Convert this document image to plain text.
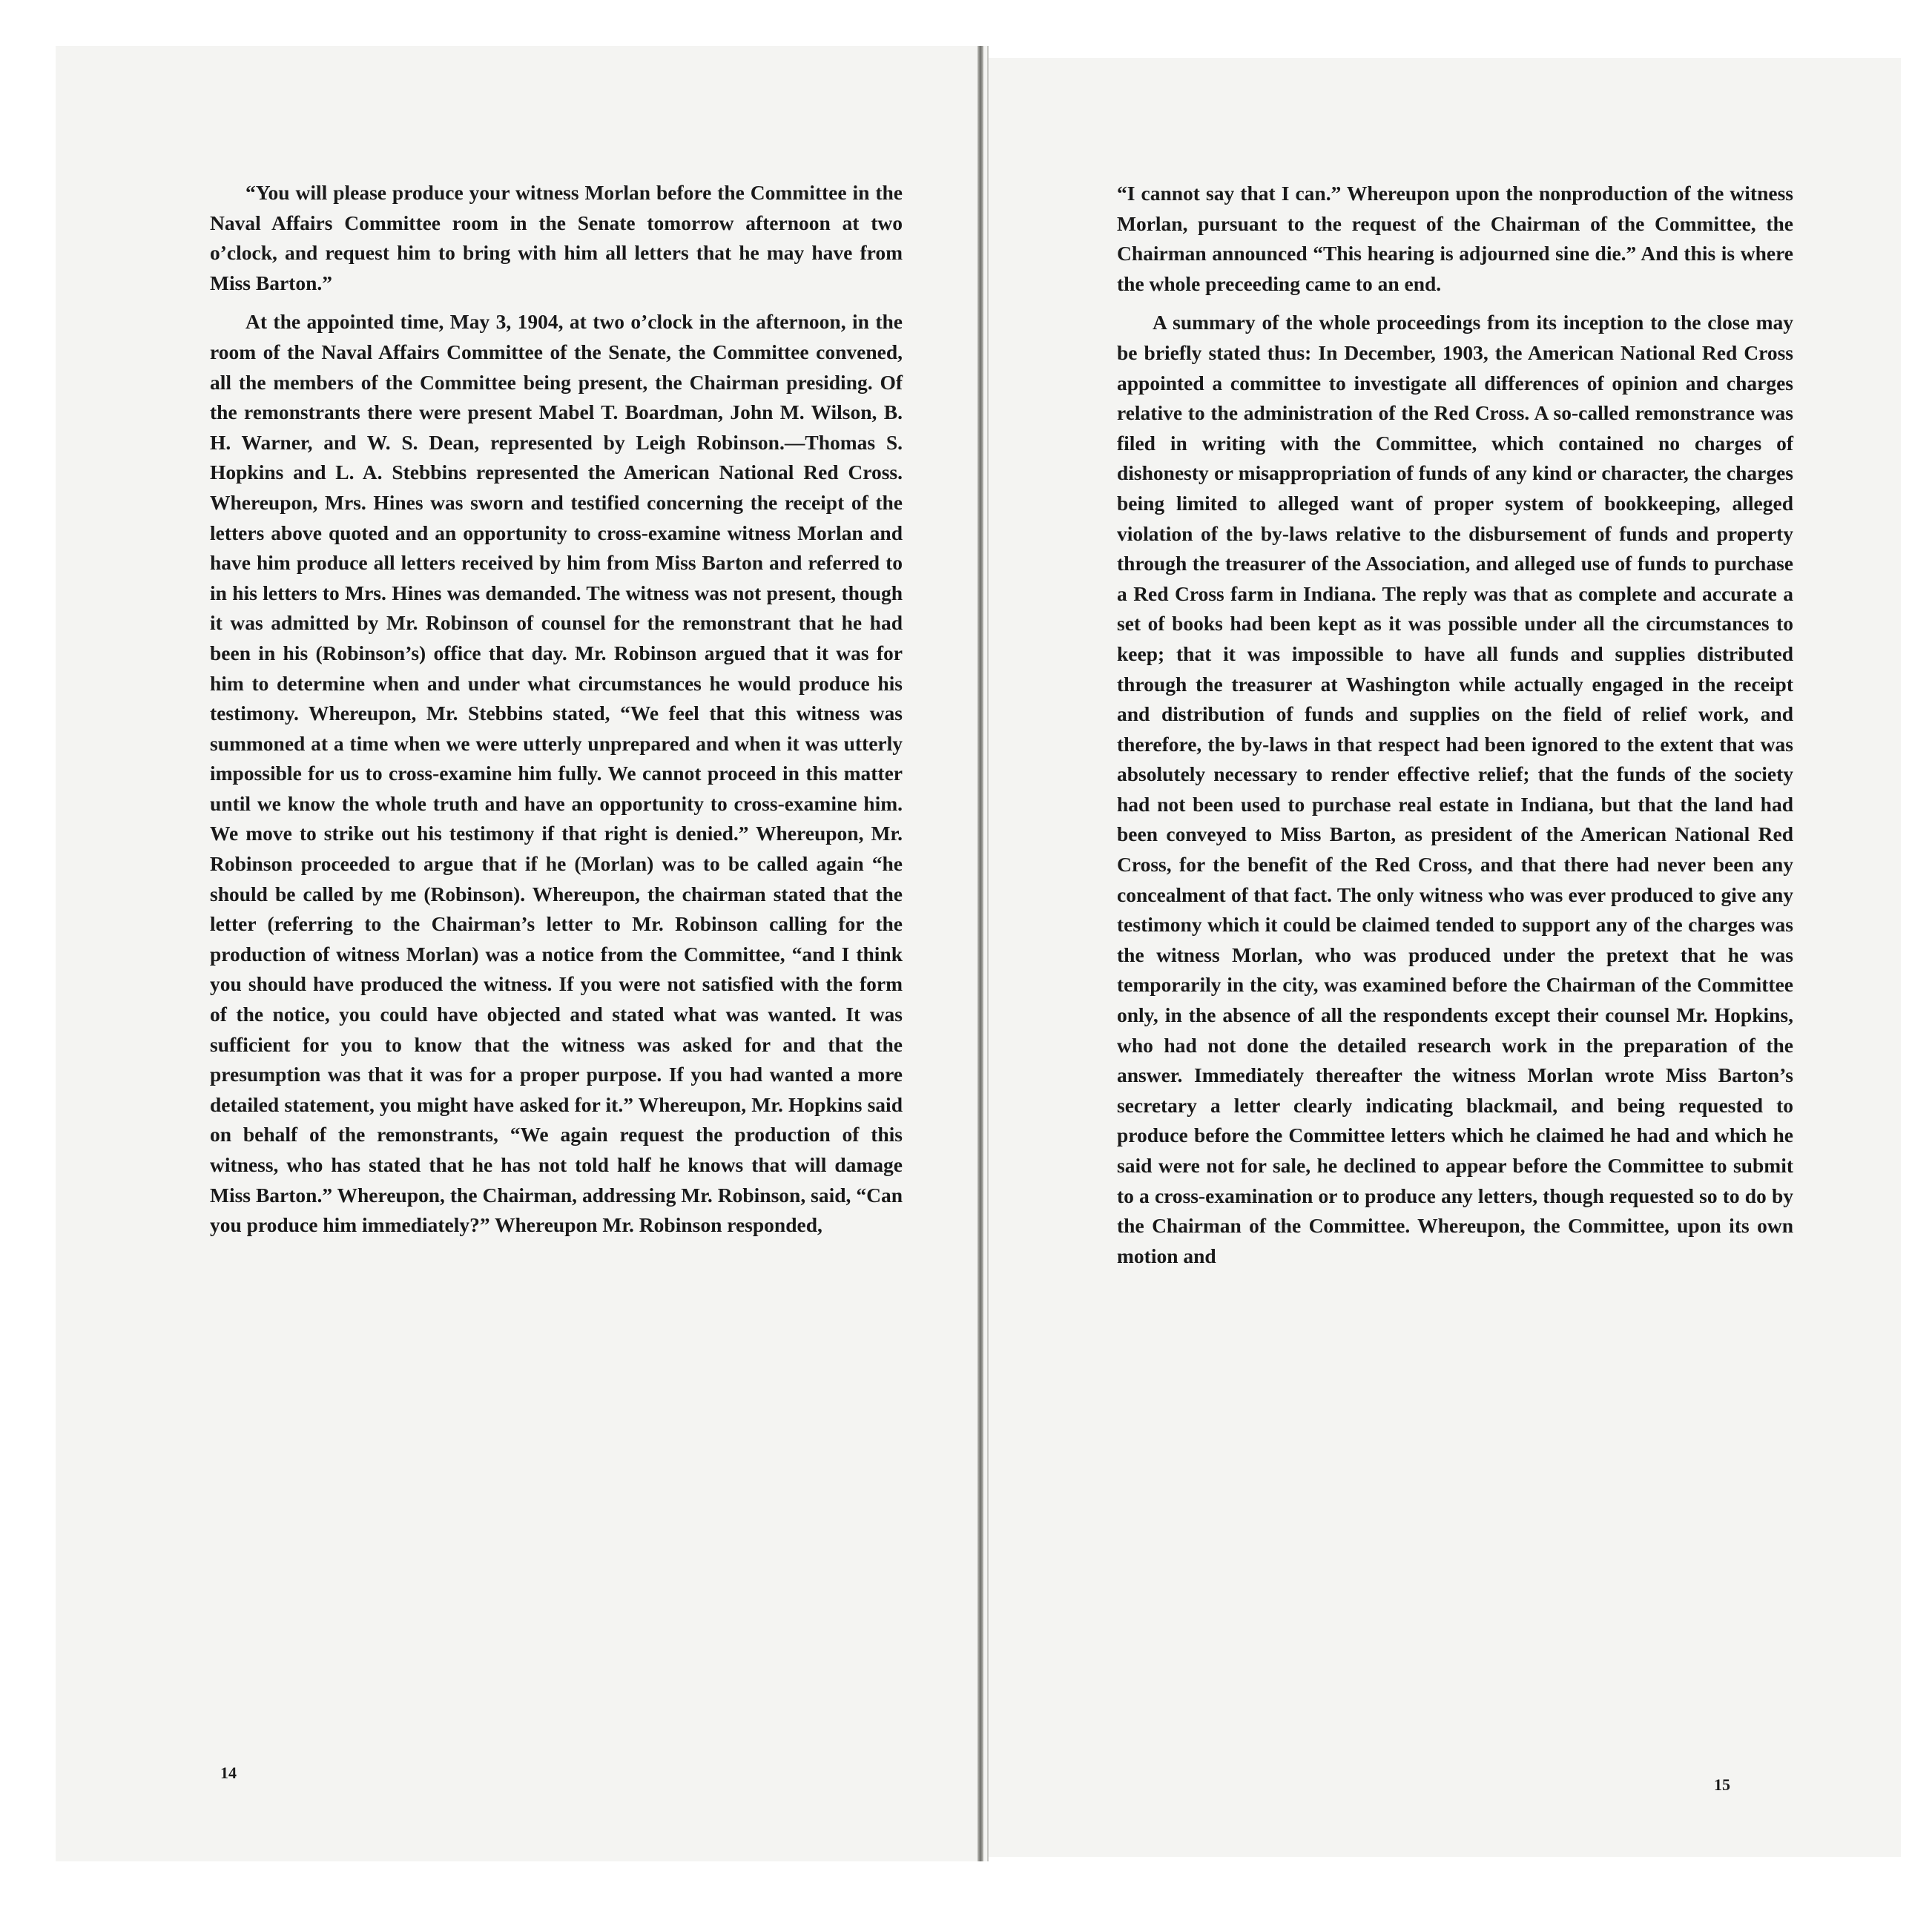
“You will please produce your witness Morlan before the Committee in the Naval Affairs Committee room in the Senate tomorrow afternoon at two o’clock, and request him to bring with him all letters that he may have from Miss Barton.”

At the appointed time, May 3, 1904, at two o’clock in the afternoon, in the room of the Naval Affairs Committee of the Senate, the Committee convened, all the members of the Committee being present, the Chairman presiding. Of the remonstrants there were present Mabel T. Boardman, John M. Wilson, B. H. Warner, and W. S. Dean, represented by Leigh Robinson.—Thomas S. Hopkins and L. A. Stebbins represented the American National Red Cross. Whereupon, Mrs. Hines was sworn and testified concerning the receipt of the letters above quoted and an opportunity to cross-examine witness Morlan and have him produce all letters received by him from Miss Barton and referred to in his letters to Mrs. Hines was demanded. The witness was not present, though it was admitted by Mr. Robinson of counsel for the remonstrant that he had been in his (Robinson’s) office that day. Mr. Robinson argued that it was for him to determine when and under what circumstances he would produce his testimony. Whereupon, Mr. Stebbins stated, “We feel that this witness was summoned at a time when we were utterly unprepared and when it was utterly impossible for us to cross-examine him fully. We cannot proceed in this matter until we know the whole truth and have an opportunity to cross-examine him. We move to strike out his testimony if that right is denied.” Whereupon, Mr. Robinson proceeded to argue that if he (Morlan) was to be called again “he should be called by me (Robinson). Whereupon, the chairman stated that the letter (referring to the Chairman’s letter to Mr. Robinson calling for the production of witness Morlan) was a notice from the Committee, “and I think you should have produced the witness. If you were not satisfied with the form of the notice, you could have objected and stated what was wanted. It was sufficient for you to know that the witness was asked for and that the presumption was that it was for a proper purpose. If you had wanted a more detailed statement, you might have asked for it.” Whereupon, Mr. Hopkins said on behalf of the remonstrants, “We again request the production of this witness, who has stated that he has not told half he knows that will damage Miss Barton.” Whereupon, the Chairman, addressing Mr. Robinson, said, “Can you produce him immediately?” Whereupon Mr. Robinson responded,

14

“I cannot say that I can.” Whereupon upon the nonproduction of the witness Morlan, pursuant to the request of the Chairman of the Committee, the Chairman announced “This hearing is adjourned sine die.” And this is where the whole preceeding came to an end.

A summary of the whole proceedings from its inception to the close may be briefly stated thus: In December, 1903, the American National Red Cross appointed a committee to investigate all differences of opinion and charges relative to the administration of the Red Cross. A so-called remonstrance was filed in writing with the Committee, which contained no charges of dishonesty or misappropriation of funds of any kind or character, the charges being limited to alleged want of proper system of bookkeeping, alleged violation of the by-laws relative to the disbursement of funds and property through the treasurer of the Association, and alleged use of funds to purchase a Red Cross farm in Indiana. The reply was that as complete and accurate a set of books had been kept as it was possible under all the circumstances to keep; that it was impossible to have all funds and supplies distributed through the treasurer at Washington while actually engaged in the receipt and distribution of funds and supplies on the field of relief work, and therefore, the by-laws in that respect had been ignored to the extent that was absolutely necessary to render effective relief; that the funds of the society had not been used to purchase real estate in Indiana, but that the land had been conveyed to Miss Barton, as president of the American National Red Cross, for the benefit of the Red Cross, and that there had never been any concealment of that fact. The only witness who was ever produced to give any testimony which it could be claimed tended to support any of the charges was the witness Morlan, who was produced under the pretext that he was temporarily in the city, was examined before the Chairman of the Committee only, in the absence of all the respondents except their counsel Mr. Hopkins, who had not done the detailed research work in the preparation of the answer. Immediately thereafter the witness Morlan wrote Miss Barton’s secretary a letter clearly indicating blackmail, and being requested to produce before the Committee letters which he claimed he had and which he said were not for sale, he declined to appear before the Committee to submit to a cross-examination or to produce any letters, though requested so to do by the Chairman of the Committee. Whereupon, the Committee, upon its own motion and

15
